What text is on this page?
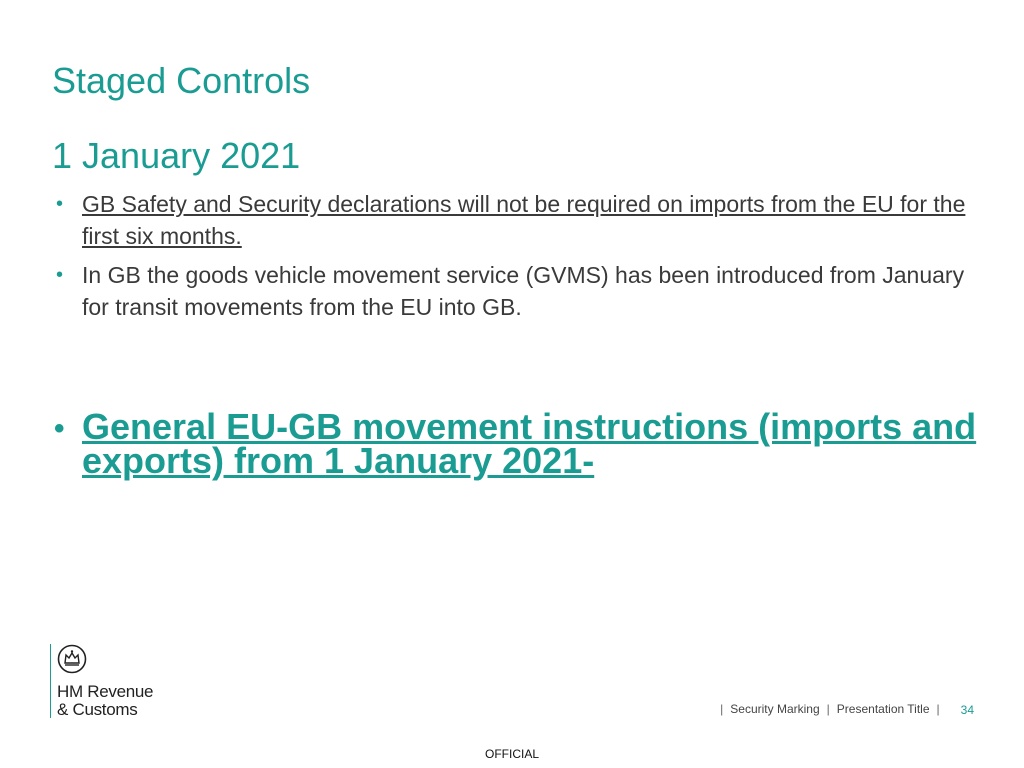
Staged Controls
1 January 2021
• GB Safety and Security declarations will not be required on imports from the EU for the first six months.
• In GB the goods vehicle movement service (GVMS) has been introduced from January for transit movements from the EU into GB.
• General EU-GB movement instructions (imports and exports) from 1 January 2021-
HM Revenue
& Customs	| Security Marking | Presentation Title | 34
OFFICIAL
